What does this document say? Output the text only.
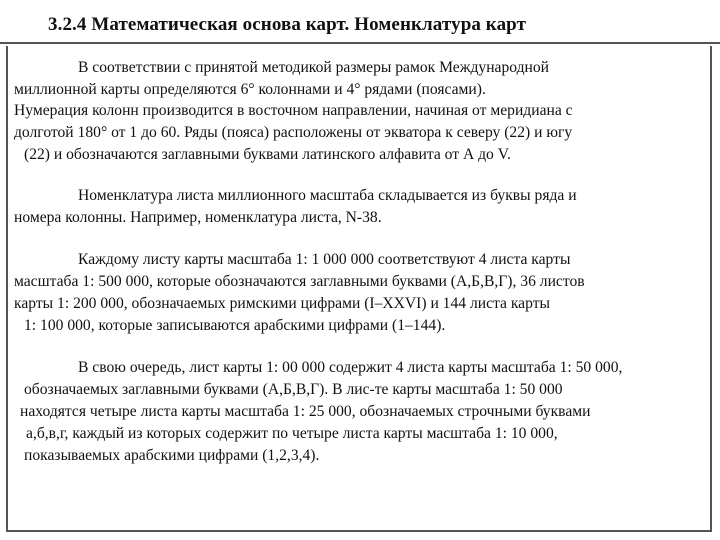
3.2.4 Математическая основа карт. Номенклатура карт
В соответствии с принятой методикой размеры рамок Международной
миллионной карты определяются 6° колоннами и 4° рядами (поясами).
Нумерация колонн производится в восточном направлении, начиная от меридиана с
долготой 180° от 1 до 60. Ряды (пояса) расположены от экватора к северу (22) и югу
(22) и обозначаются заглавными буквами латинского алфавита от А до V.
Номенклатура листа миллионного масштаба складывается из буквы ряда и
номера колонны. Например, номенклатура листа, N-38.
Каждому листу карты масштаба 1: 1 000 000 соответствуют 4 листа карты
масштаба 1: 500 000, которые обозначаются заглавными буквами (А,Б,В,Г), 36 листов
карты 1: 200 000, обозначаемых римскими цифрами (I–XXVI) и 144 листа карты
1: 100 000, которые записываются арабскими цифрами (1–144).
В свою очередь, лист карты 1: 00 000 содержит 4 листа карты масштаба 1: 50 000,
обозначаемых заглавными буквами (А,Б,В,Г). В лис-те карты масштаба 1: 50 000
находятся четыре листа карты масштаба 1: 25 000, обозначаемых строчными буквами
а,б,в,г, каждый из которых содержит по четыре листа карты масштаба 1: 10 000,
показываемых арабскими цифрами (1,2,3,4).
